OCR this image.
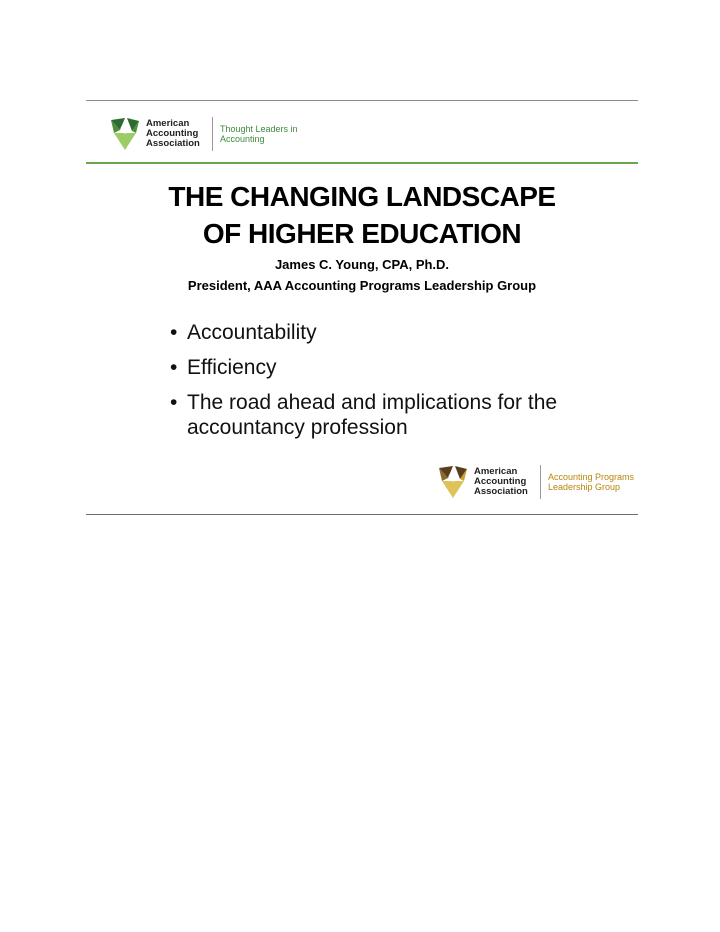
American
Accounting
Association
Thought Leaders in
Accounting
THE CHANGING LANDSCAPE
OF HIGHER EDUCATION
James C. Young, CPA, Ph.D.
President, AAA Accounting Programs Leadership Group
• Accountability
• Efficiency
• The road ahead and implications for the accountancy profession
American
Accounting
Association
Accounting Programs
Leadership Group
